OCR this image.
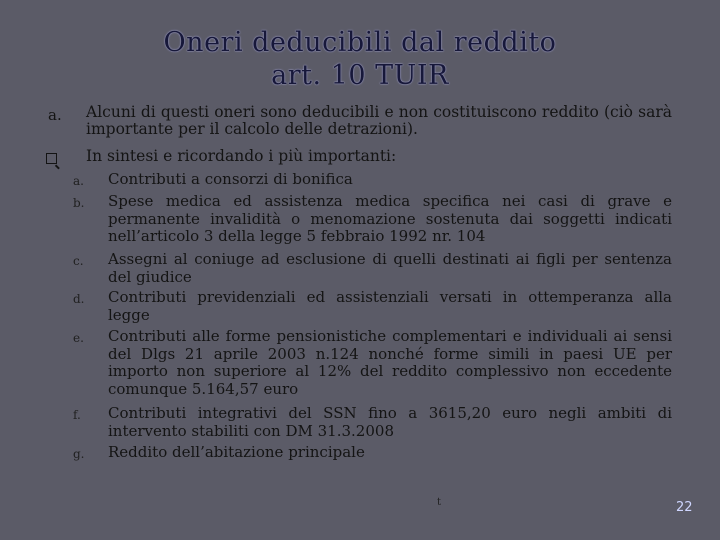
Oneri deducibili dal reddito
art. 10 TUIR
a. Alcuni di questi oneri sono deducibili e non costituiscono reddito (ciò sarà importante per il calcolo delle detrazioni).
In sintesi e ricordando i più importanti:
a. Contributi a consorzi di bonifica
b. Spese medica ed assistenza medica specifica nei casi di grave e permanente invalidità o menomazione sostenuta dai soggetti indicati nell’articolo 3 della legge 5 febbraio 1992 nr. 104
c. Assegni al coniuge ad esclusione di quelli destinati ai figli per sentenza del giudice
d. Contributi previdenziali ed assistenziali versati in ottemperanza alla legge
e. Contributi alle forme pensionistiche complementari e individuali ai sensi del Dlgs 21 aprile 2003 n.124 nonché forme simili in paesi UE per importo non superiore al 12% del reddito complessivo non eccedente comunque 5.164,57 euro
f. Contributi integrativi del SSN fino a 3615,20 euro negli ambiti di intervento stabiliti con DM 31.3.2008
g. Reddito dell’abitazione principale
t	22
